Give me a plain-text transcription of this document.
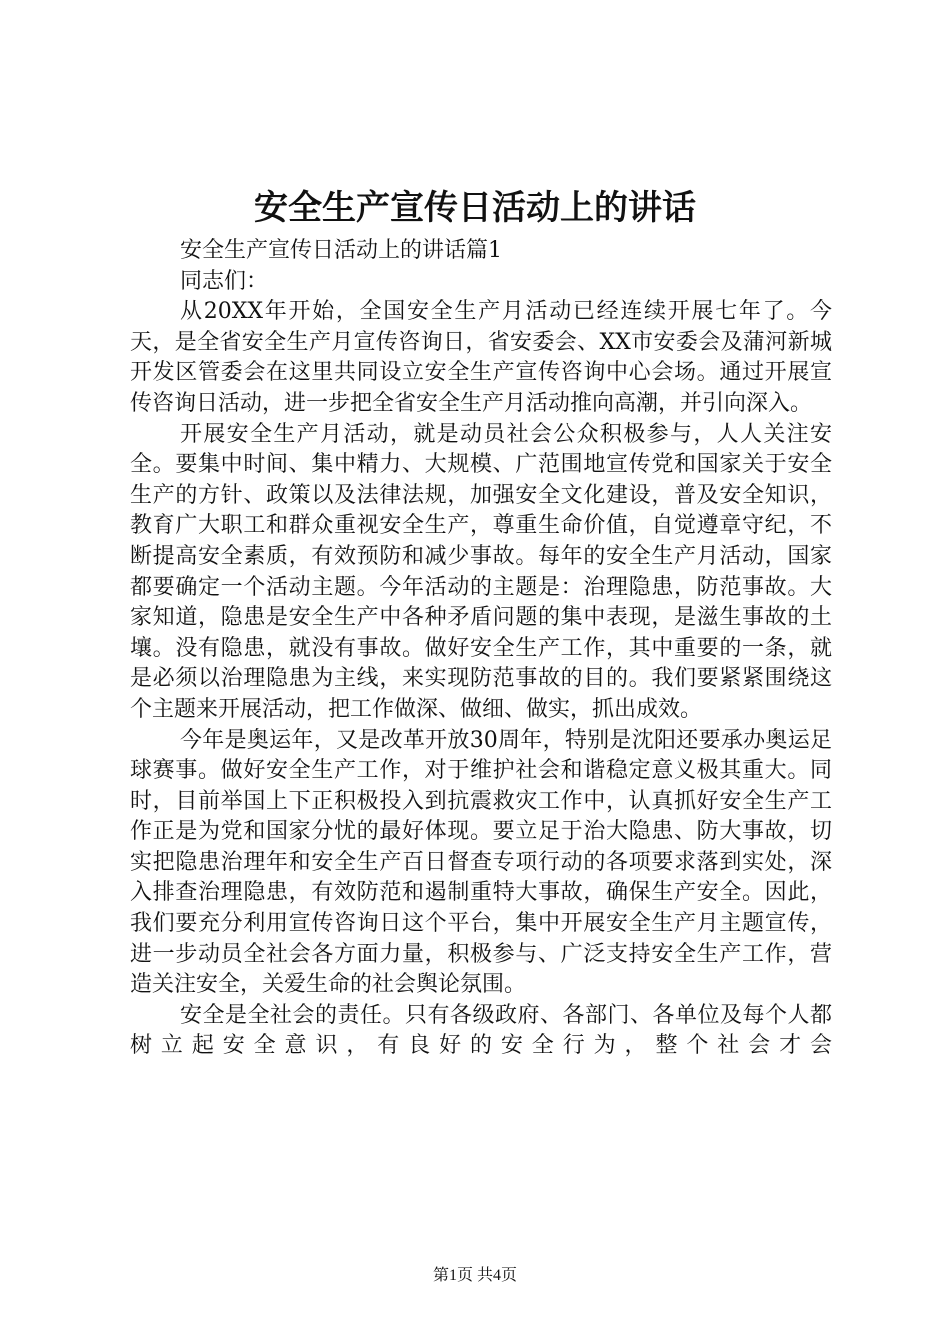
安全生产宣传日活动上的讲话

安全生产宣传日活动上的讲话篇1

同志们：

从20XX年开始，全国安全生产月活动已经连续开展七年了。今天，是全省安全生产月宣传咨询日，省安委会、XX市安委会及蒲河新城开发区管委会在这里共同设立安全生产宣传咨询中心会场。通过开展宣传咨询日活动，进一步把全省安全生产月活动推向高潮，并引向深入。

开展安全生产月活动，就是动员社会公众积极参与，人人关注安全。要集中时间、集中精力、大规模、广范围地宣传党和国家关于安全生产的方针、政策以及法律法规，加强安全文化建设，普及安全知识，教育广大职工和群众重视安全生产，尊重生命价值，自觉遵章守纪，不断提高安全素质，有效预防和减少事故。每年的安全生产月活动，国家都要确定一个活动主题。今年活动的主题是：治理隐患，防范事故。大家知道，隐患是安全生产中各种矛盾问题的集中表现，是滋生事故的土壤。没有隐患，就没有事故。做好安全生产工作，其中重要的一条，就是必须以治理隐患为主线，来实现防范事故的目的。我们要紧紧围绕这个主题来开展活动，把工作做深、做细、做实，抓出成效。

今年是奥运年，又是改革开放30周年，特别是沈阳还要承办奥运足球赛事。做好安全生产工作，对于维护社会和谐稳定意义极其重大。同时，目前举国上下正积极投入到抗震救灾工作中，认真抓好安全生产工作正是为党和国家分忧的最好体现。要立足于治大隐患、防大事故，切实把隐患治理年和安全生产百日督查专项行动的各项要求落到实处，深入排查治理隐患，有效防范和遏制重特大事故，确保生产安全。因此，我们要充分利用宣传咨询日这个平台，集中开展安全生产月主题宣传，进一步动员全社会各方面力量，积极参与、广泛支持安全生产工作，营造关注安全，关爱生命的社会舆论氛围。

安全是全社会的责任。只有各级政府、各部门、各单位及每个人都树立起安全意识，有良好的安全行为，整个社会才会

第1页 共4页
